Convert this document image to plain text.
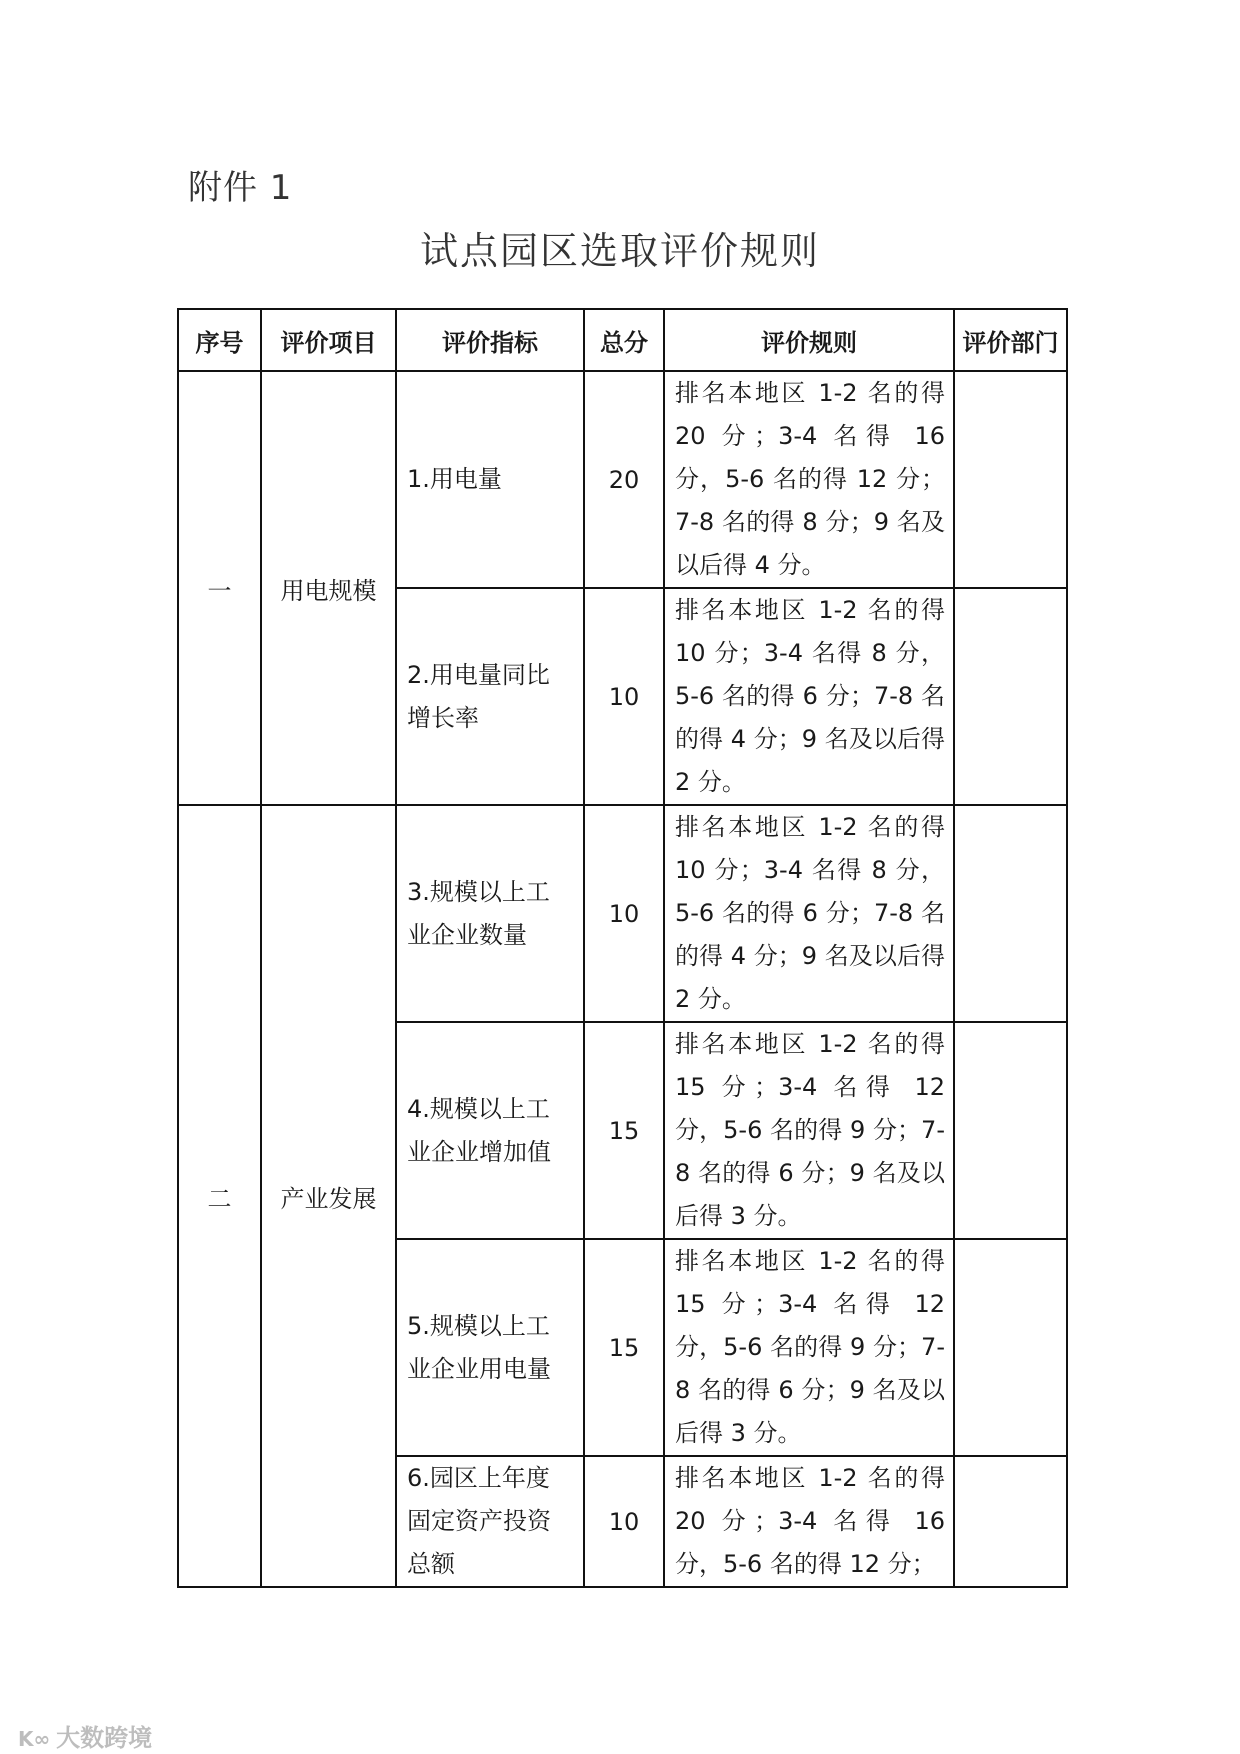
附件 1
试点园区选取评价规则
序号	评价项目	评价指标	总分	评价规则	评价部门
一	用电规模	1.用电量	20	排名本地区 1-2 名的得 20 分；3-4 名得 16 分，5-6 名的得 12 分；7-8 名的得 8 分；9 名及以后得 4 分。	
		2.用电量同比增长率	10	排名本地区 1-2 名的得 10 分；3-4 名得 8 分，5-6 名的得 6 分；7-8 名的得 4 分；9 名及以后得 2 分。	
二	产业发展	3.规模以上工业企业数量	10	排名本地区 1-2 名的得 10 分；3-4 名得 8 分，5-6 名的得 6 分；7-8 名的得 4 分；9 名及以后得 2 分。	
		4.规模以上工业企业增加值	15	排名本地区 1-2 名的得 15 分；3-4 名得 12 分，5-6 名的得 9 分；7-8 名的得 6 分；9 名及以后得 3 分。	
		5.规模以上工业企业用电量	15	排名本地区 1-2 名的得 15 分；3-4 名得 12 分，5-6 名的得 9 分；7-8 名的得 6 分；9 名及以后得 3 分。	
		6.园区上年度固定资产投资总额	10	排名本地区 1-2 名的得 20 分；3-4 名得 16 分，5-6 名的得 12 分；	
K∞ 大数跨境
